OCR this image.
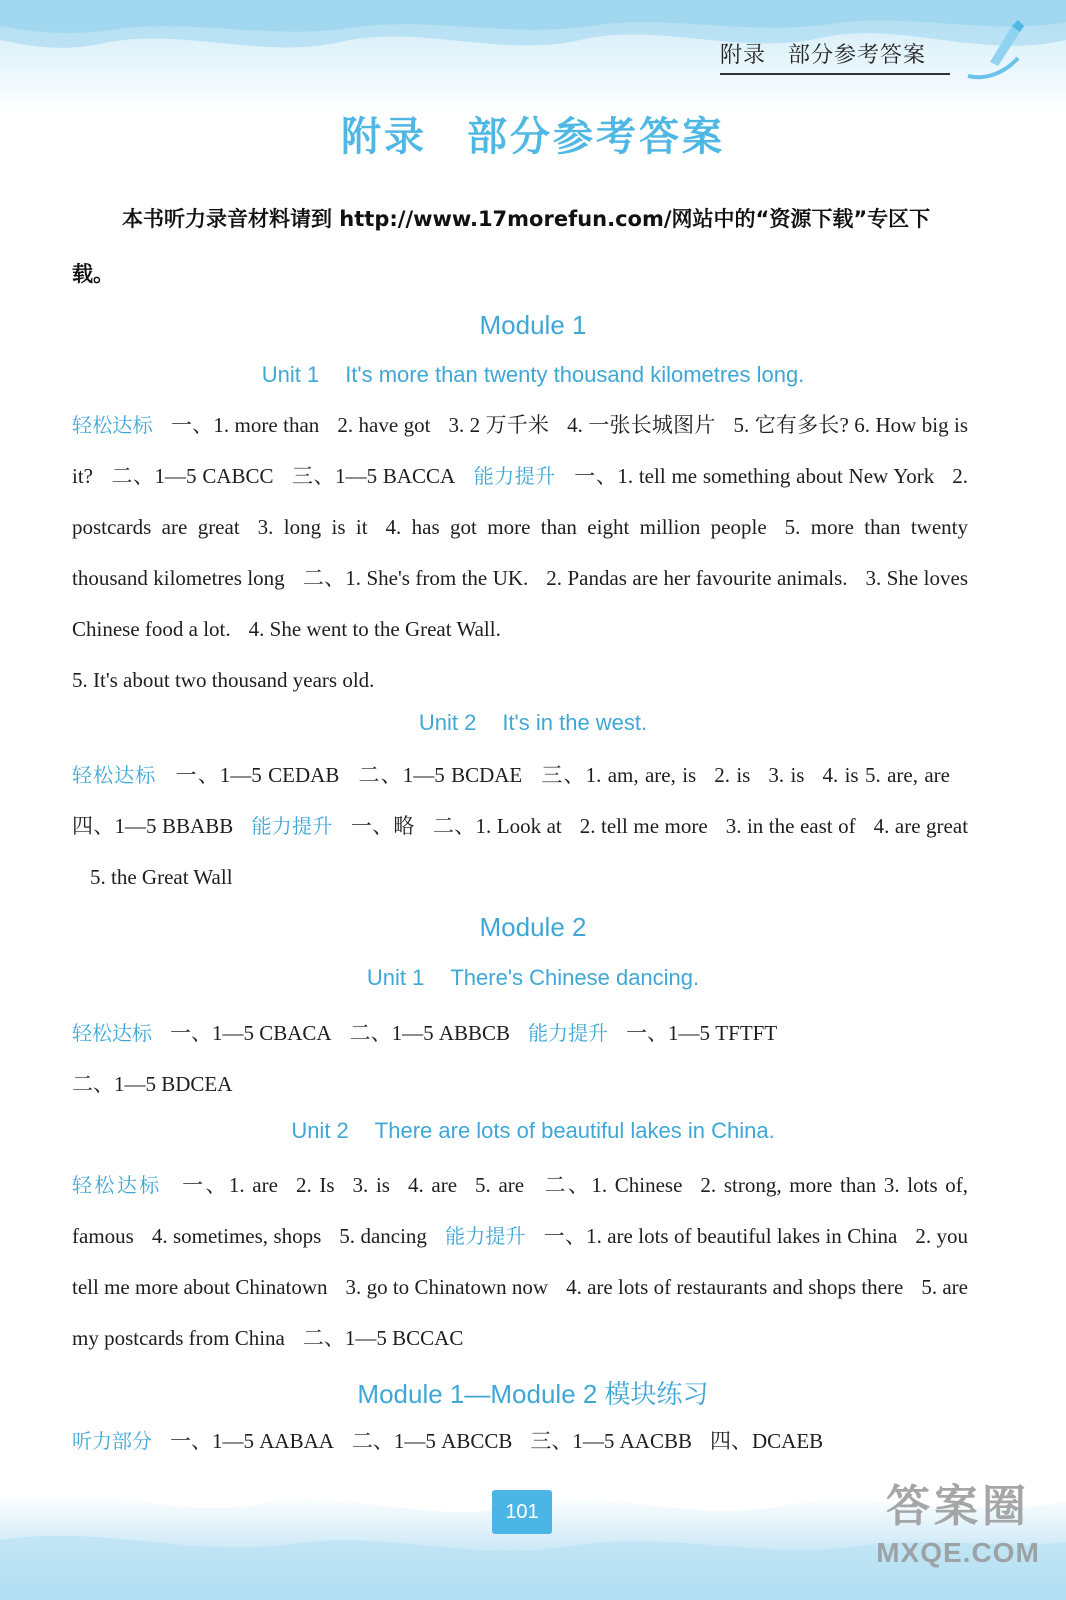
附录 部分参考答案
附录 部分参考答案
本书听力录音材料请到 http://www.17morefun.com/网站中的“资源下载”专区下载。
Module 1
Unit 1 It's more than twenty thousand kilometres long.
轻松达标 一、1. more than 2. have got 3. 2 万千米 4. 一张长城图片 5. 它有多长? 6. How big is it? 二、1—5 CABCC 三、1—5 BACCA 能力提升 一、1. tell me something about New York 2. postcards are great 3. long is it 4. has got more than eight million people 5. more than twenty thousand kilometres long 二、1. She's from the UK. 2. Pandas are her favourite animals. 3. She loves Chinese food a lot. 4. She went to the Great Wall.
5. It's about two thousand years old.
Unit 2 It's in the west.
轻松达标 一、1—5 CEDAB 二、1—5 BCDAE 三、1. am, are, is 2. is 3. is 4. is 5. are, are四、1—5 BBABB 能力提升 一、略 二、1. Look at 2. tell me more 3. in the east of 4. are great5. the Great Wall
Module 2
Unit 1 There's Chinese dancing.
轻松达标 一、1—5 CBACA 二、1—5 ABBCB 能力提升 一、1—5 TFTFT
二、1—5 BDCEA
Unit 2 There are lots of beautiful lakes in China.
轻松达标 一、1. are 2. Is 3. is 4. are 5. are 二、1. Chinese 2. strong, more than 3. lots of, famous 4. sometimes, shops 5. dancing 能力提升 一、1. are lots of beautiful lakes in China 2. you tell me more about Chinatown 3. go to Chinatown now 4. are lots of restaurants and shops there 5. are my postcards from China 二、1—5 BCCAC
Module 1—Module 2 模块练习
听力部分 一、1—5 AABAA 二、1—5 ABCCB 三、1—5 AACBB 四、DCAEB
101	答案圈
MXQE.COM
